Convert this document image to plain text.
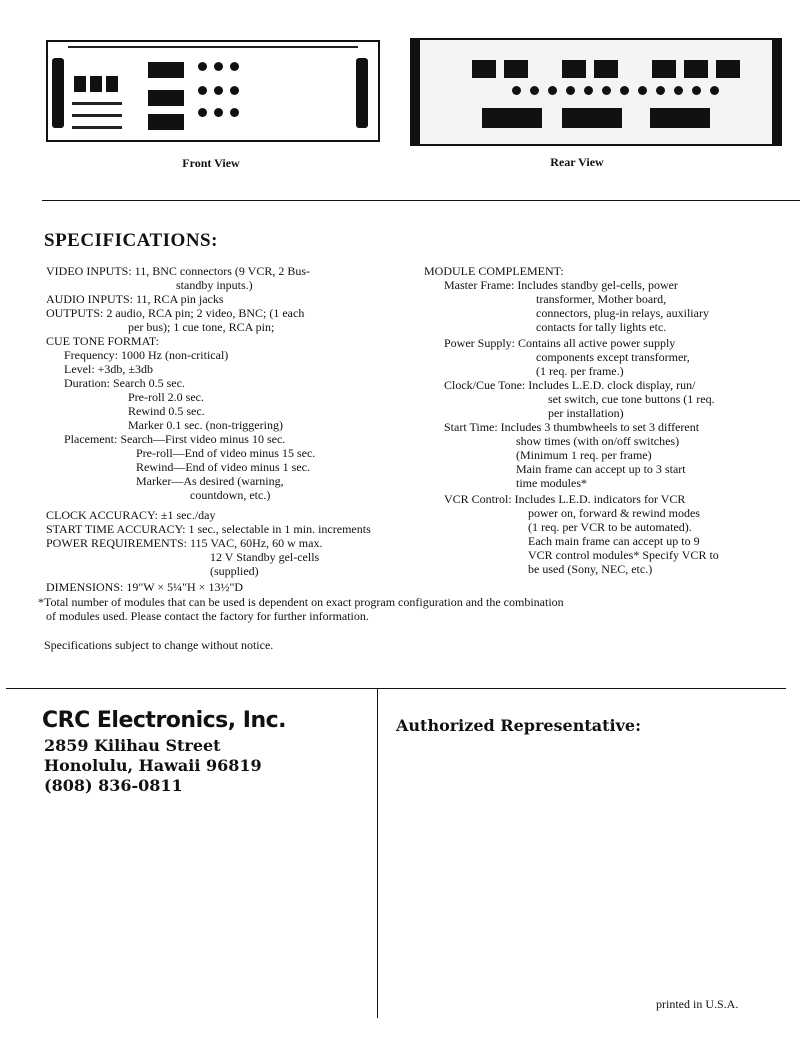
Front View	Rear View
SPECIFICATIONS:
VIDEO INPUTS: 11, BNC connectors (9 VCR, 2 Bus-
standby inputs.)
AUDIO INPUTS: 11, RCA pin jacks
OUTPUTS: 2 audio, RCA pin; 2 video, BNC; (1 each
per bus); 1 cue tone, RCA pin;
CUE TONE FORMAT:
Frequency: 1000 Hz (non-critical)
Level: +3db, ±3db
Duration: Search 0.5 sec.
Pre-roll 2.0 sec.
Rewind 0.5 sec.
Marker 0.1 sec. (non-triggering)
Placement: Search—First video minus 10 sec.
Pre-roll—End of video minus 15 sec.
Rewind—End of video minus 1 sec.
Marker—As desired (warning,
countdown, etc.)
CLOCK ACCURACY: ±1 sec./day
START TIME ACCURACY: 1 sec., selectable in 1 min. increments
POWER REQUIREMENTS: 115 VAC, 60Hz, 60 w max.
12 V Standby gel-cells
(supplied)
DIMENSIONS: 19"W × 5¼"H × 13½"D
MODULE COMPLEMENT:
Master Frame: Includes standby gel-cells, power
transformer, Mother board,
connectors, plug-in relays, auxiliary
contacts for tally lights etc.
Power Supply: Contains all active power supply
components except transformer,
(1 req. per frame.)
Clock/Cue Tone: Includes L.E.D. clock display, run/
set switch, cue tone buttons (1 req.
per installation)
Start Time: Includes 3 thumbwheels to set 3 different
show times (with on/off switches)
(Minimum 1 req. per frame)
Main frame can accept up to 3 start
time modules*
VCR Control: Includes L.E.D. indicators for VCR
power on, forward & rewind modes
(1 req. per VCR to be automated).
Each main frame can accept up to 9
VCR control modules* Specify VCR to
be used (Sony, NEC, etc.)
*Total number of modules that can be used is dependent on exact program configuration and the combination
of modules used. Please contact the factory for further information.
Specifications subject to change without notice.
CRC Electronics, Inc.
2859 Kilihau Street
Honolulu, Hawaii 96819
(808) 836-0811
Authorized Representative:
printed in U.S.A.
